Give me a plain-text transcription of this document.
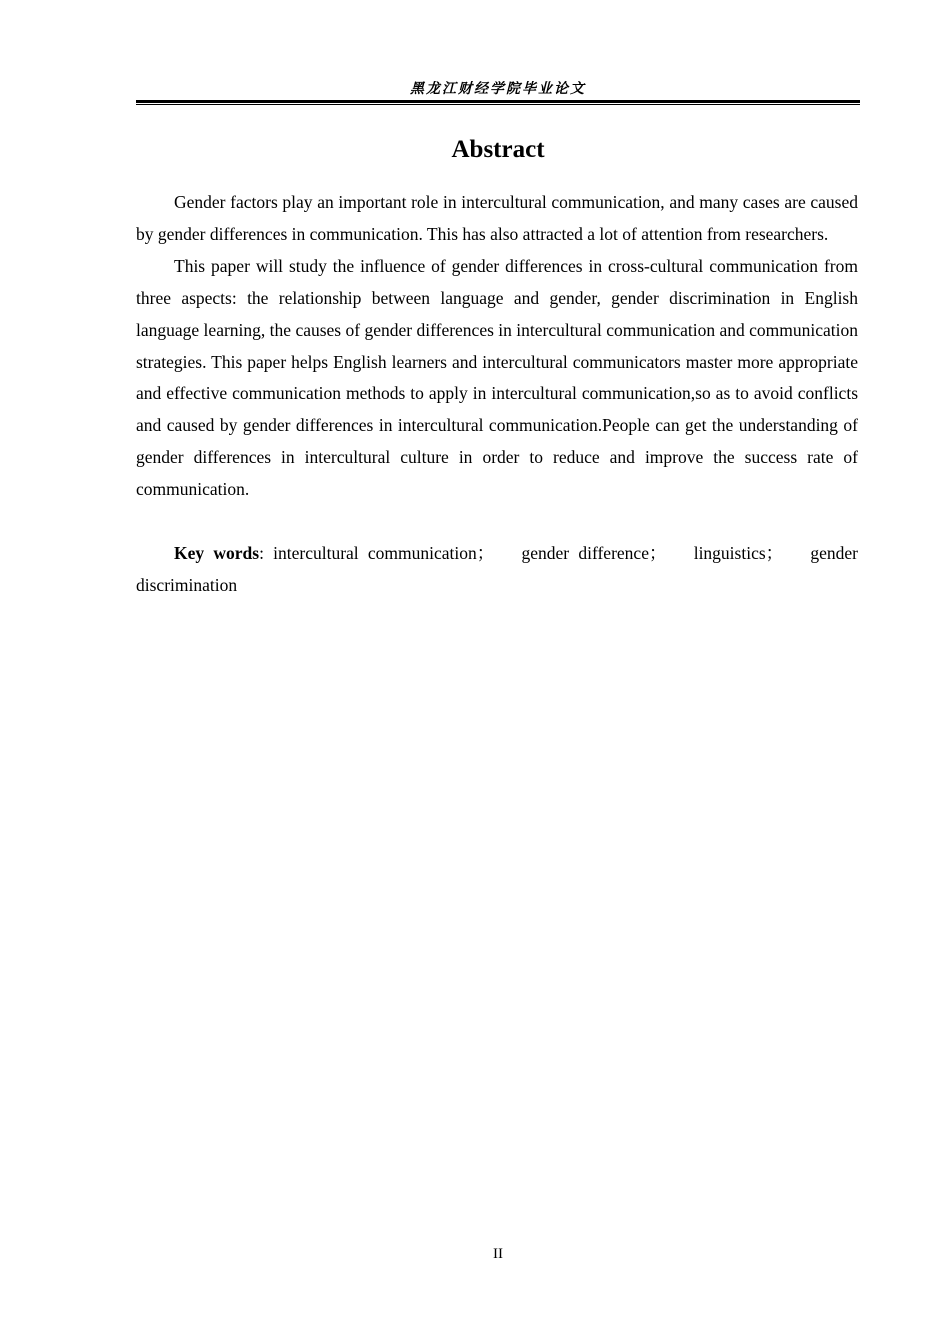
黑龙江财经学院毕业论文
Abstract

Gender factors play an important role in intercultural communication, and many cases are caused by gender differences in communication. This has also attracted a lot of attention from researchers.

This paper will study the influence of gender differences in cross-cultural communication from three aspects: the relationship between language and gender, gender discrimination in English language learning, the causes of gender differences in intercultural communication and communication strategies. This paper helps English learners and intercultural communicators master more appropriate and effective communication methods to apply in intercultural communication,so as to avoid conflicts and caused by gender differences in intercultural communication.People can get the understanding of gender differences in intercultural culture in order to reduce and improve the success rate of communication.

Key words: intercultural communication； gender difference； linguistics； gender discrimination

II
